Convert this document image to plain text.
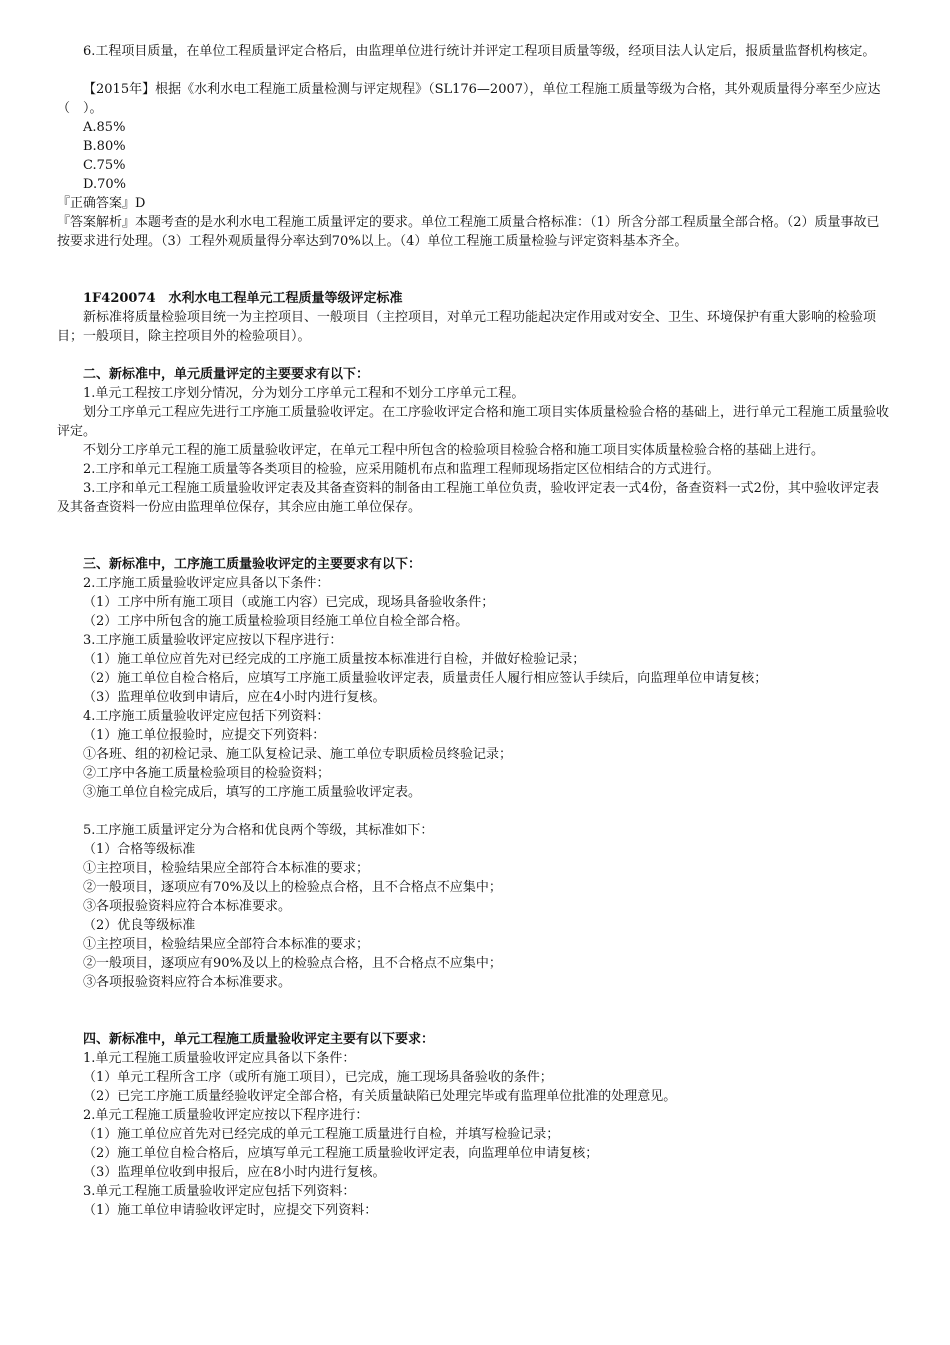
6.工程项目质量，在单位工程质量评定合格后，由监理单位进行统计并评定工程项目质量等级，经项目法人认定后，报质量监督机构核定。

【2015年】根据《水利水电工程施工质量检测与评定规程》（SL176—2007），单位工程施工质量等级为合格，其外观质量得分率至少应达（　）。

A.85%

B.80%

C.75%

D.70%

『正确答案』D

『答案解析』本题考查的是水利水电工程施工质量评定的要求。单位工程施工质量合格标准：（1）所含分部工程质量全部合格。（2）质量事故已按要求进行处理。（3）工程外观质量得分率达到70%以上。（4）单位工程施工质量检验与评定资料基本齐全。

1F420074　水利水电工程单元工程质量等级评定标准

新标准将质量检验项目统一为主控项目、一般项目（主控项目，对单元工程功能起决定作用或对安全、卫生、环境保护有重大影响的检验项目；一般项目，除主控项目外的检验项目）。

二、新标准中，单元质量评定的主要要求有以下：

1.单元工程按工序划分情况，分为划分工序单元工程和不划分工序单元工程。

划分工序单元工程应先进行工序施工质量验收评定。在工序验收评定合格和施工项目实体质量检验合格的基础上，进行单元工程施工质量验收评定。

不划分工序单元工程的施工质量验收评定，在单元工程中所包含的检验项目检验合格和施工项目实体质量检验合格的基础上进行。

2.工序和单元工程施工质量等各类项目的检验，应采用随机布点和监理工程师现场指定区位相结合的方式进行。

3.工序和单元工程施工质量验收评定表及其备查资料的制备由工程施工单位负责，验收评定表一式4份，备查资料一式2份，其中验收评定表及其备查资料一份应由监理单位保存，其余应由施工单位保存。

三、新标准中，工序施工质量验收评定的主要要求有以下：

2.工序施工质量验收评定应具备以下条件：

（1）工序中所有施工项目（或施工内容）已完成，现场具备验收条件；

（2）工序中所包含的施工质量检验项目经施工单位自检全部合格。

3.工序施工质量验收评定应按以下程序进行：

（1）施工单位应首先对已经完成的工序施工质量按本标准进行自检，并做好检验记录；

（2）施工单位自检合格后，应填写工序施工质量验收评定表，质量责任人履行相应签认手续后，向监理单位申请复核；

（3）监理单位收到申请后，应在4小时内进行复核。

4.工序施工质量验收评定应包括下列资料：

（1）施工单位报验时，应提交下列资料：

①各班、组的初检记录、施工队复检记录、施工单位专职质检员终验记录；

②工序中各施工质量检验项目的检验资料；

③施工单位自检完成后，填写的工序施工质量验收评定表。

5.工序施工质量评定分为合格和优良两个等级，其标准如下：

（1）合格等级标准

①主控项目，检验结果应全部符合本标准的要求；

②一般项目，逐项应有70%及以上的检验点合格，且不合格点不应集中；

③各项报验资料应符合本标准要求。

（2）优良等级标准

①主控项目，检验结果应全部符合本标准的要求；

②一般项目，逐项应有90%及以上的检验点合格，且不合格点不应集中；

③各项报验资料应符合本标准要求。

四、新标准中，单元工程施工质量验收评定主要有以下要求：

1.单元工程施工质量验收评定应具备以下条件：

（1）单元工程所含工序（或所有施工项目），已完成，施工现场具备验收的条件；

（2）已完工序施工质量经验收评定全部合格，有关质量缺陷已处理完毕或有监理单位批准的处理意见。

2.单元工程施工质量验收评定应按以下程序进行：

（1）施工单位应首先对已经完成的单元工程施工质量进行自检，并填写检验记录；

（2）施工单位自检合格后，应填写单元工程施工质量验收评定表，向监理单位申请复核；

（3）监理单位收到申报后，应在8小时内进行复核。

3.单元工程施工质量验收评定应包括下列资料：

（1）施工单位申请验收评定时，应提交下列资料：
